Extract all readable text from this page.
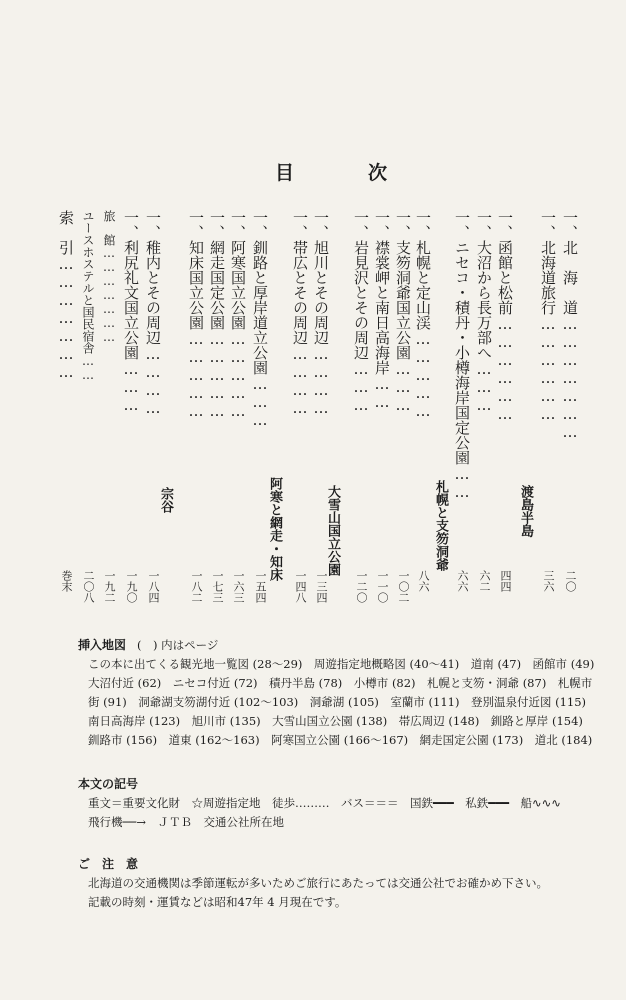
目	次
一、北　海　道…………………
二〇
一、北海道旅行………………
三六
一、函館と松前………………
四四
一、大沼から長万部へ………
六二
一、ニセコ・積丹・小樽海岸国定公園……
六六
一、札幌と定山渓……………
八六
一、支笏洞爺国立公園………
一〇二
一、襟裳岬と南日高海岸……
一一〇
一、岩見沢とその周辺………
一二〇
一、旭川とその周辺…………
一三四
一、帯広とその周辺…………
一四八
一、釧路と厚岸道立公園………
一五四
一、阿寒国立公園……………
一六三
一、網走国定公園……………
一七三
一、知床国立公園……………
一八二
一、稚内とその周辺…………
一八四
一、利尻礼文国立公園………
一九〇
旅　館…………………
一九二
ユースホステルと国民宿舎……
二〇八
索　引…………………
巻末
渡島半島
札幌と支笏洞爺
大雪山国立公園
阿寒と網走・知床
宗谷
挿入地図 (　) 内はページ
この本に出てくる観光地一覧図 (28〜29)　周遊指定地概略図 (40〜41)　道南 (47)　函館市 (49)　大沼付近 (62)　ニセコ付近 (72)　積丹半島 (78)　小樽市 (82)　札幌と支笏・洞爺 (87)　札幌市街 (91)　洞爺湖支笏湖付近 (102〜103)　洞爺湖 (105)　室蘭市 (111)　登別温泉付近図 (115)　南日高海岸 (123)　旭川市 (135)　大雪山国立公園 (138)　帯広周辺 (148)　釧路と厚岸 (154)　釧路市 (156)　道東 (162〜163)　阿寒国立公園 (166〜167)　網走国定公園 (173)　道北 (184)
本文の記号
重文＝重要文化財　☆周遊指定地　徒歩………　バス＝＝＝　国鉄━━━　私鉄━━━　船∿∿∿
飛行機──→　ＪＴＢ　交通公社所在地
ご　注　意
北海道の交通機関は季節運転が多いためご旅行にあたっては交通公社でお確かめ下さい。
記載の時刻・運賃などは昭和47年 4 月現在です。
